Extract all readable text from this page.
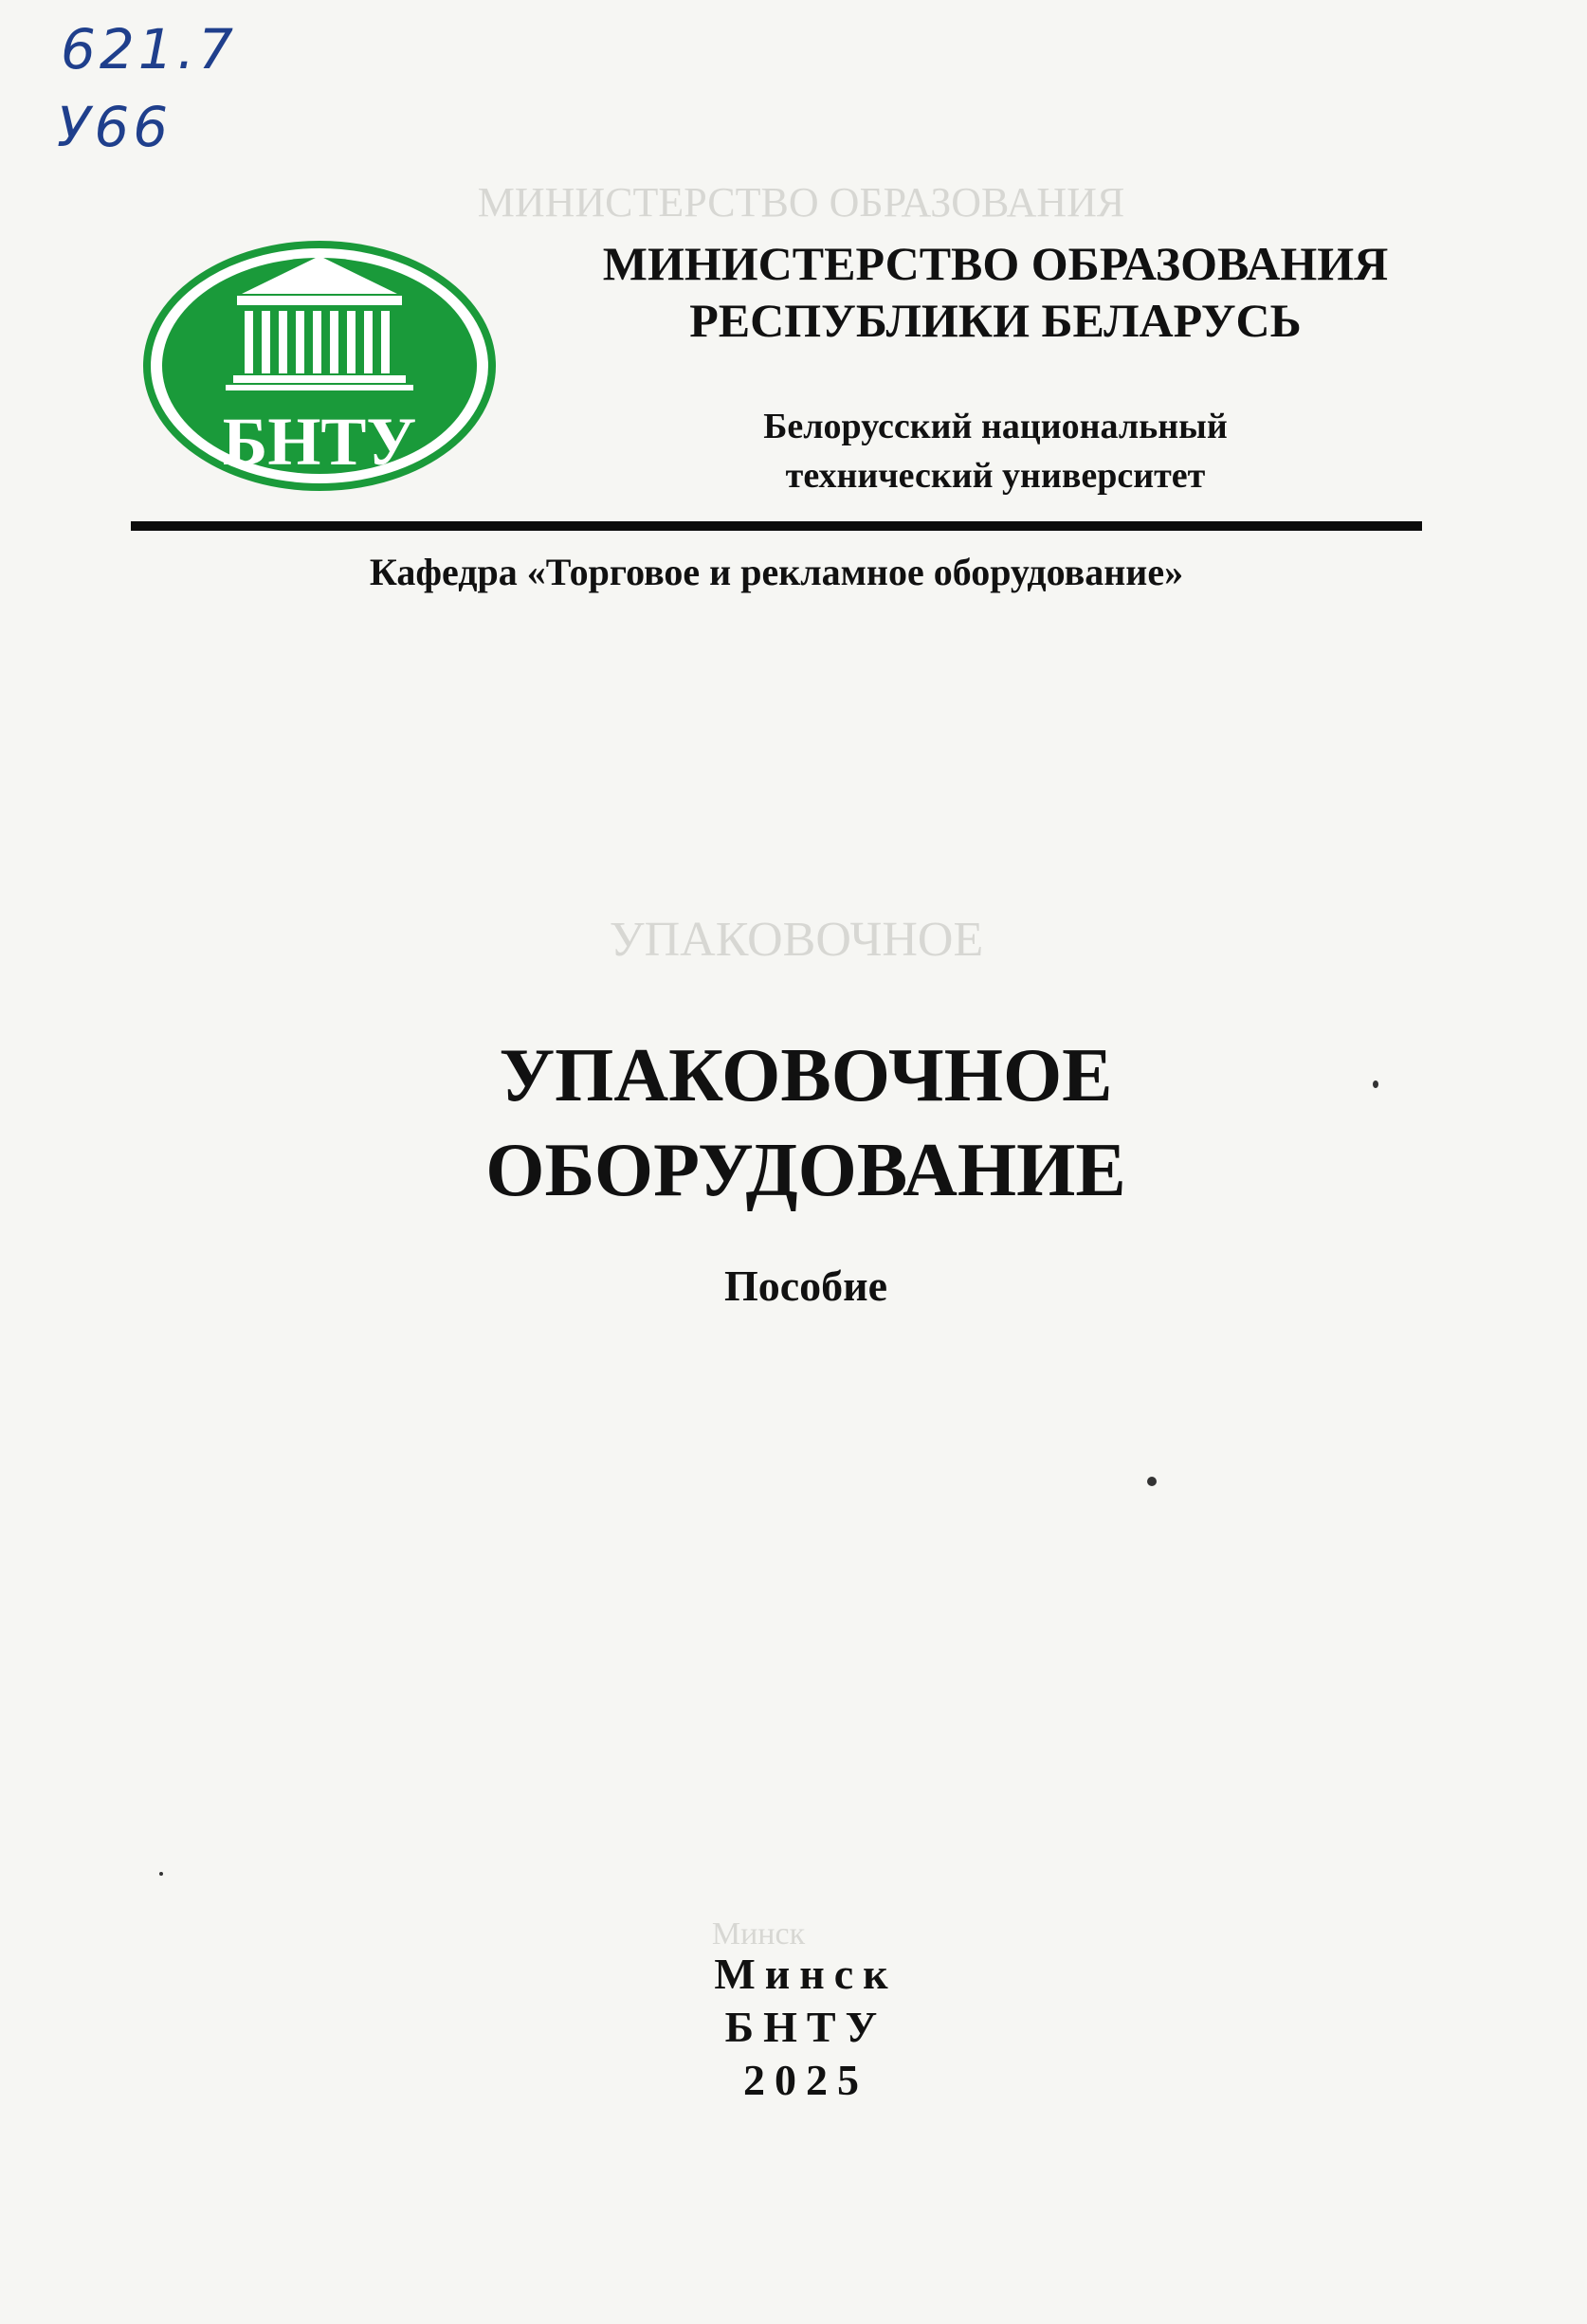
МИНИСТЕРСТВО ОБРАЗОВАНИЯ
УПАКОВОЧНОЕ
Минск
621.7
У66
БНТУ
МИНИСТЕРСТВО ОБРАЗОВАНИЯ
РЕСПУБЛИКИ БЕЛАРУСЬ
Белорусский национальный
технический университет
Кафедра «Торговое и рекламное оборудование»
УПАКОВОЧНОЕ
ОБОРУДОВАНИЕ
Пособие
Минск
БНТУ
2025
